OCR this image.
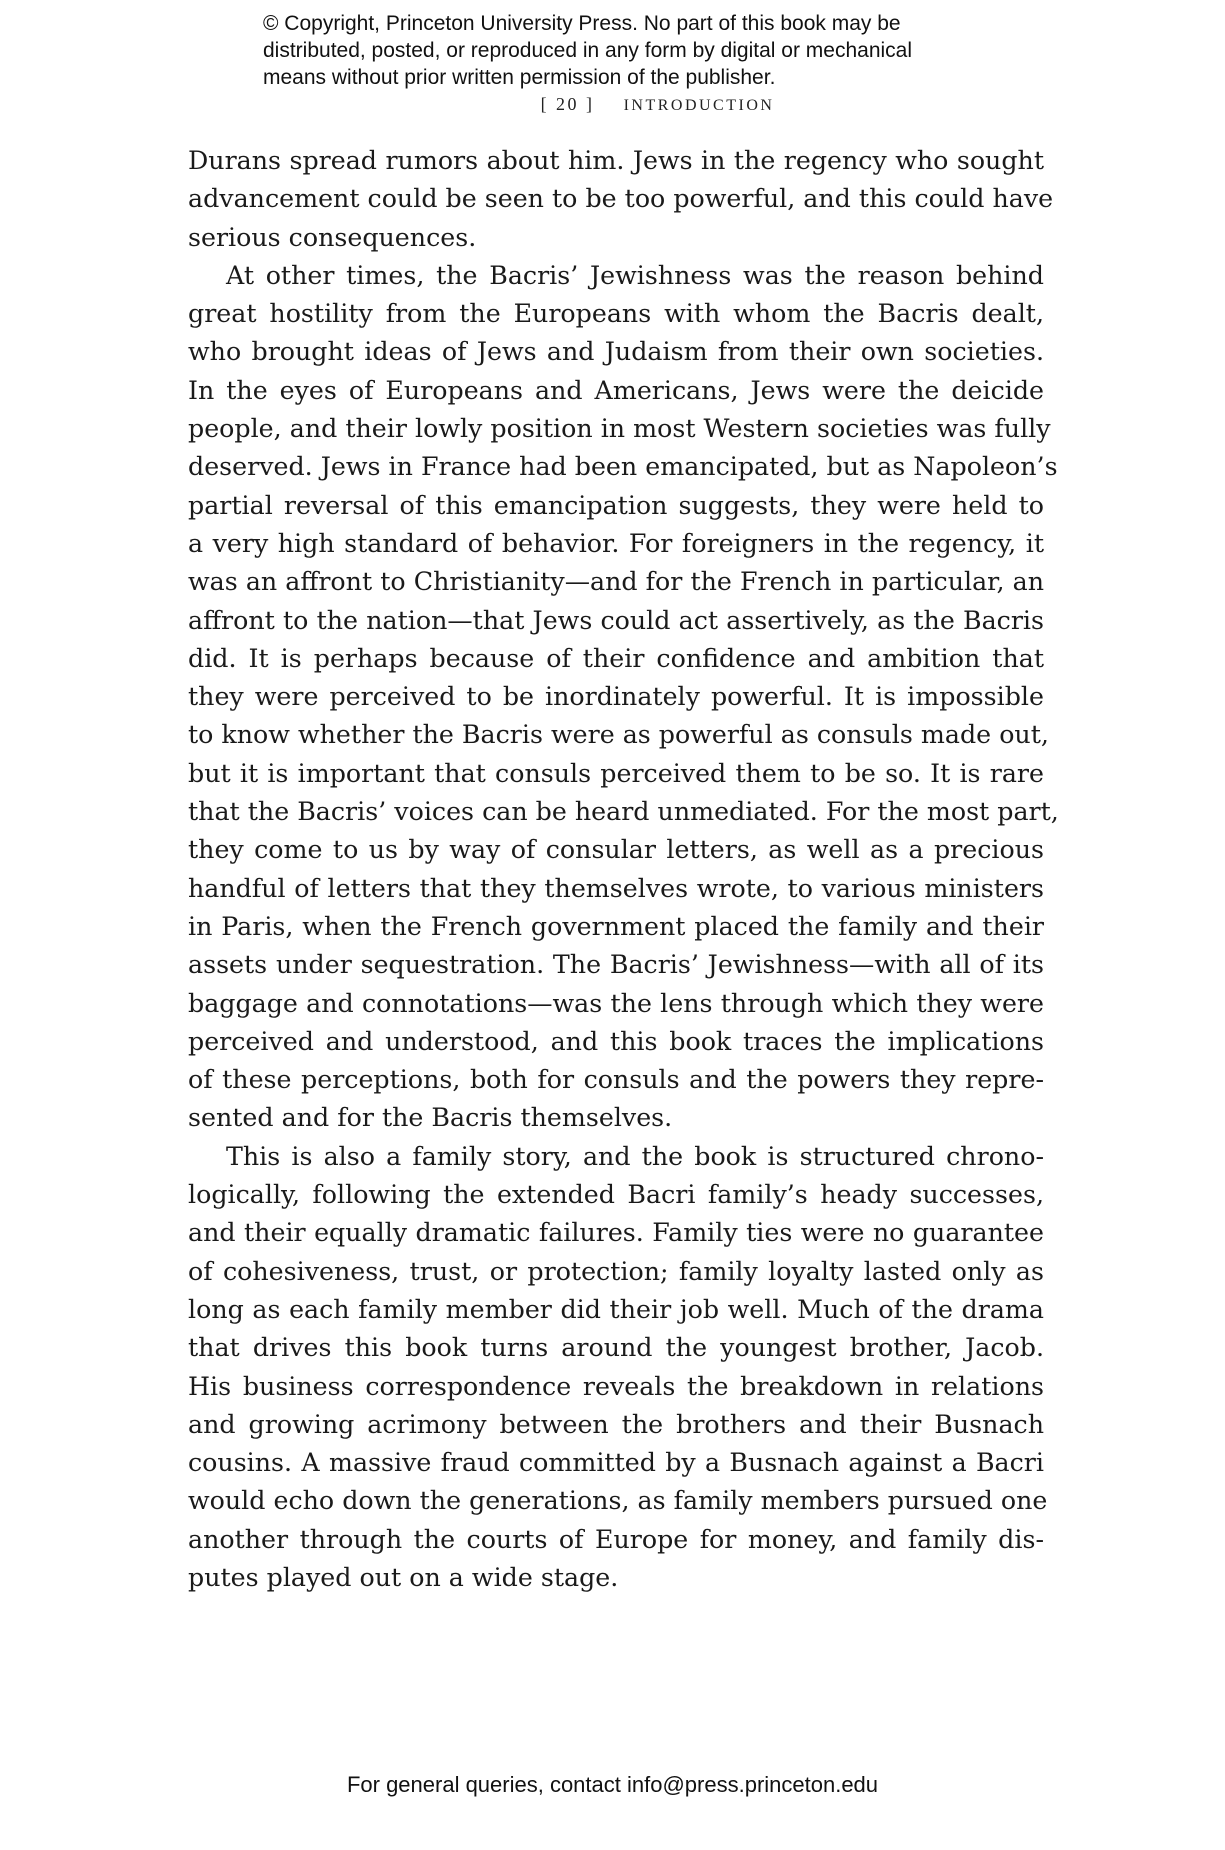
© Copyright, Princeton University Press. No part of this book may be
distributed, posted, or reproduced in any form by digital or mechanical
means without prior written permission of the publisher.
[ 20 ] INTRODUCTION
Durans spread rumors about him. Jews in the regency who sought
advancement could be seen to be too powerful, and this could have
serious consequences.
At other times, the Bacris’ Jewishness was the reason behind
great hostility from the Europeans with whom the Bacris dealt,
who brought ideas of Jews and Judaism from their own societies.
In the eyes of Europeans and Americans, Jews were the deicide
people, and their lowly position in most Western societies was fully
deserved. Jews in France had been emancipated, but as Napoleon’s
partial reversal of this emancipation suggests, they were held to
a very high standard of behavior. For foreigners in the regency, it
was an affront to Christianity—and for the French in particular, an
affront to the nation—that Jews could act assertively, as the Bacris
did. It is perhaps because of their confidence and ambition that
they were perceived to be inordinately powerful. It is impossible
to know whether the Bacris were as powerful as consuls made out,
but it is important that consuls perceived them to be so. It is rare
that the Bacris’ voices can be heard unmediated. For the most part,
they come to us by way of consular letters, as well as a precious
handful of letters that they themselves wrote, to various ministers
in Paris, when the French government placed the family and their
assets under sequestration. The Bacris’ Jewishness—with all of its
baggage and connotations—was the lens through which they were
perceived and understood, and this book traces the implications
of these perceptions, both for consuls and the powers they repre-
sented and for the Bacris themselves.
This is also a family story, and the book is structured chrono-
logically, following the extended Bacri family’s heady successes,
and their equally dramatic failures. Family ties were no guarantee
of cohesiveness, trust, or protection; family loyalty lasted only as
long as each family member did their job well. Much of the drama
that drives this book turns around the youngest brother, Jacob.
His business correspondence reveals the breakdown in relations
and growing acrimony between the brothers and their Busnach
cousins. A massive fraud committed by a Busnach against a Bacri
would echo down the generations, as family members pursued one
another through the courts of Europe for money, and family dis-
putes played out on a wide stage.
For general queries, contact info@press.princeton.edu
